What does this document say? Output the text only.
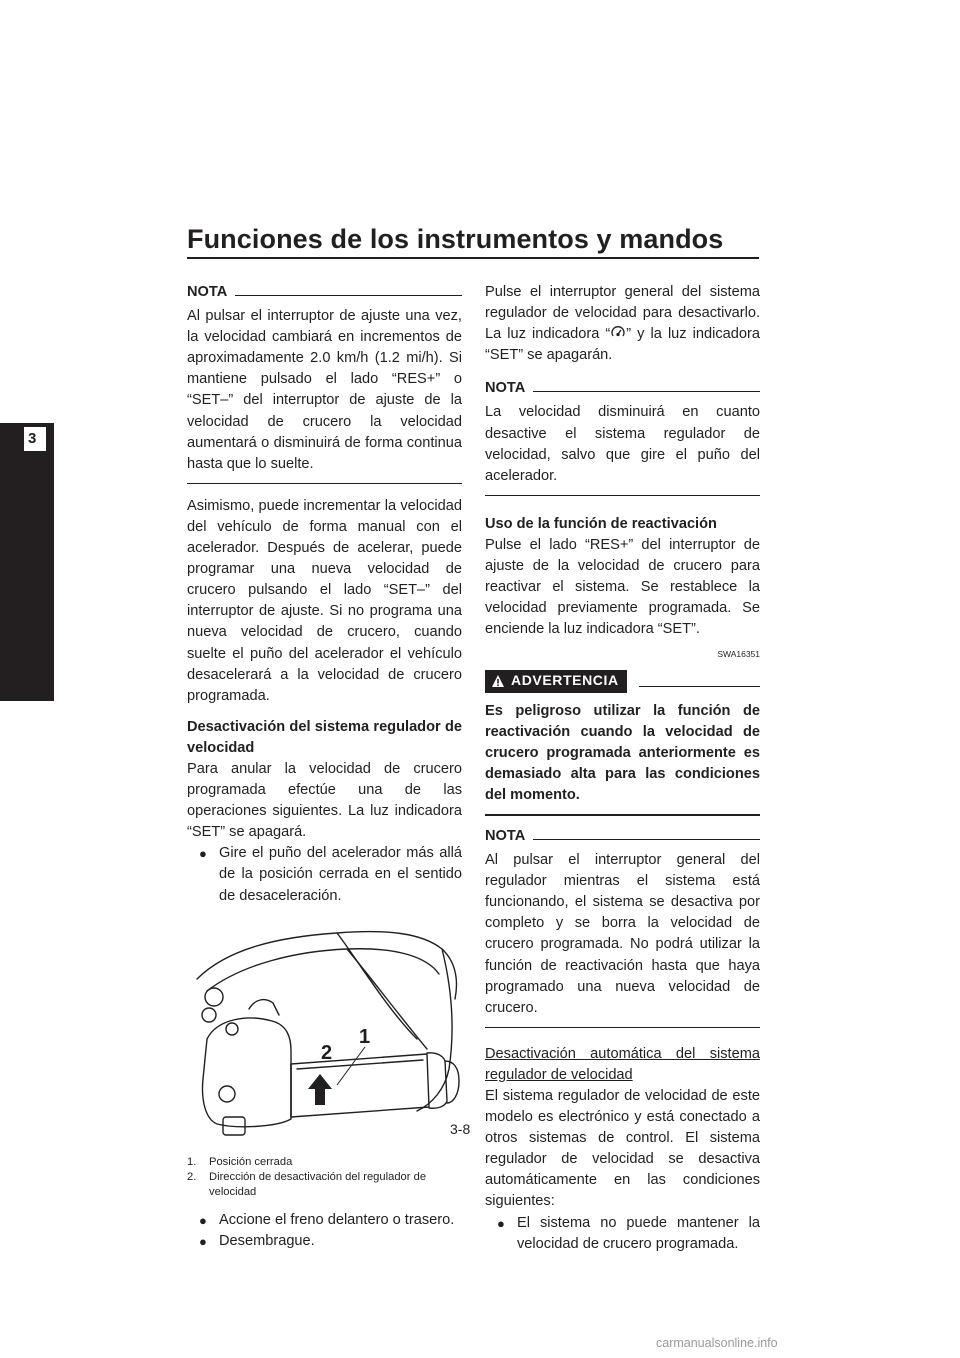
Funciones de los instrumentos y mandos
3
NOTA

Al pulsar el interruptor de ajuste una vez, la velocidad cambiará en incrementos de aproximadamente 2.0 km/h (1.2 mi/h). Si mantiene pulsado el lado “RES+” o “SET–” del interruptor de ajuste de la velocidad de crucero la velocidad aumentará o disminuirá de forma continua hasta que lo suelte.

Asimismo, puede incrementar la velocidad del vehículo de forma manual con el acelerador. Después de acelerar, puede programar una nueva velocidad de crucero pulsando el lado “SET–” del interruptor de ajuste. Si no programa una nueva velocidad de crucero, cuando suelte el puño del acelerador el vehículo desacelerará a la velocidad de crucero programada.

Desactivación del sistema regulador de velocidad

Para anular la velocidad de crucero programada efectúe una de las operaciones siguientes. La luz indicadora “SET” se apagará.

● Gire el puño del acelerador más allá de la posición cerrada en el sentido de desaceleración.
2
1
1.	Posición cerrada
2.	Dirección de desactivación del regulador de velocidad
● Accione el freno delantero o trasero.
● Desembrague.

Pulse el interruptor general del sistema regulador de velocidad para desactivarlo. La luz indicadora “ ” y la luz indicadora “SET” se apagarán.

NOTA

La velocidad disminuirá en cuanto desactive el sistema regulador de velocidad, salvo que gire el puño del acelerador.

Uso de la función de reactivación

Pulse el lado “RES+” del interruptor de ajuste de la velocidad de crucero para reactivar el sistema. Se restablece la velocidad previamente programada. Se enciende la luz indicadora “SET”.

SWA16351
ADVERTENCIA

Es peligroso utilizar la función de reactivación cuando la velocidad de crucero programada anteriormente es demasiado alta para las condiciones del momento.

NOTA

Al pulsar el interruptor general del regulador mientras el sistema está funcionando, el sistema se desactiva por completo y se borra la velocidad de crucero programada. No podrá utilizar la función de reactivación hasta que haya programado una nueva velocidad de crucero.

Desactivación automática del sistema regulador de velocidad

El sistema regulador de velocidad de este modelo es electrónico y está conectado a otros sistemas de control. El sistema regulador de velocidad se desactiva automáticamente en las condiciones siguientes:

● El sistema no puede mantener la velocidad de crucero programada.
3-8
carmanualsonline.info
